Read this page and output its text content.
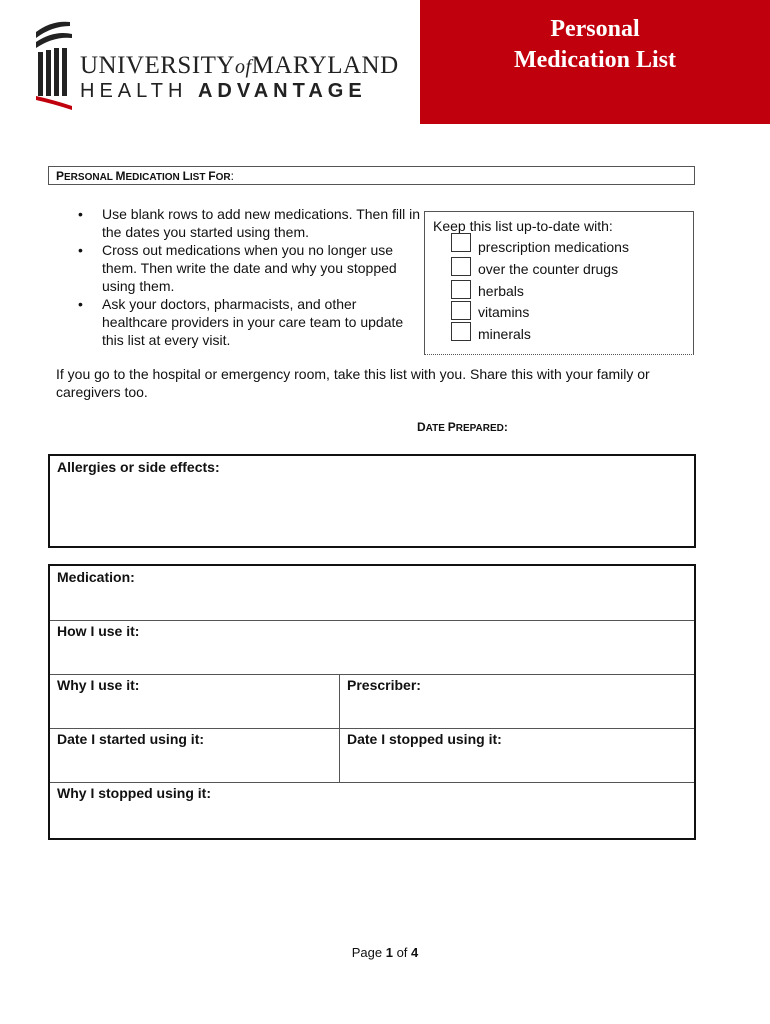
UNIVERSITYofMARYLAND
HEALTH ADVANTAGE
Personal
Medication List
PERSONAL MEDICATION LIST FOR:
• Use blank rows to add new medications. Then fill in the dates you started using them.
• Cross out medications when you no longer use them. Then write the date and why you stopped using them.
• Ask your doctors, pharmacists, and other healthcare providers in your care team to update this list at every visit.
Keep this list up-to-date with:
prescription medications
over the counter drugs
herbals
vitamins
minerals
If you go to the hospital or emergency room, take this list with you. Share this with your family or caregivers too.
DATE PREPARED:
Allergies or side effects:
Medication:
How I use it:
Why I use it:	Prescriber:
Date I started using it:	Date I stopped using it:
Why I stopped using it:
Page 1 of 4
